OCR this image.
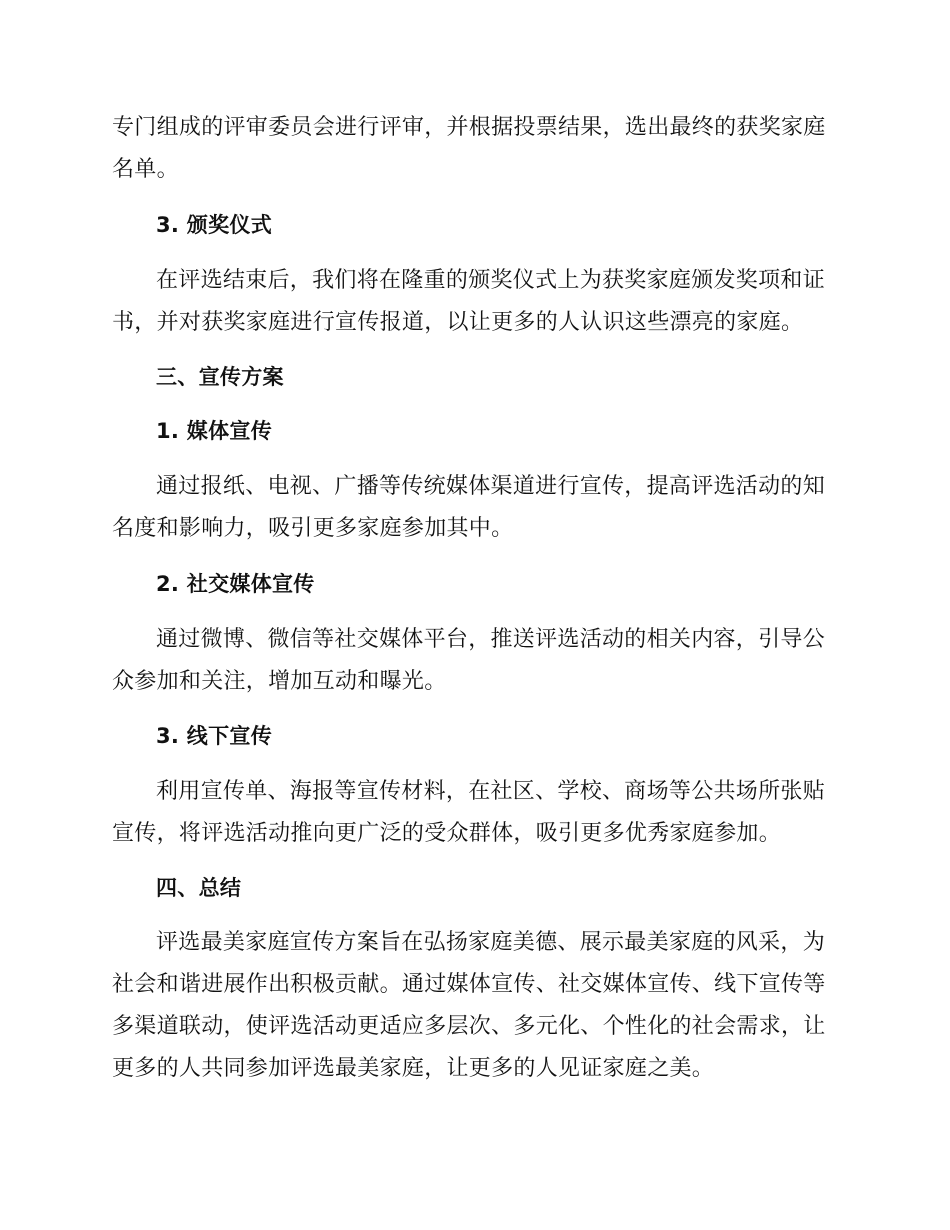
专门组成的评审委员会进行评审，并根据投票结果，选出最终的获奖家庭名单。

3. 颁奖仪式

在评选结束后，我们将在隆重的颁奖仪式上为获奖家庭颁发奖项和证书，并对获奖家庭进行宣传报道，以让更多的人认识这些漂亮的家庭。

三、宣传方案
1. 媒体宣传

通过报纸、电视、广播等传统媒体渠道进行宣传，提高评选活动的知名度和影响力，吸引更多家庭参加其中。

2. 社交媒体宣传

通过微博、微信等社交媒体平台，推送评选活动的相关内容，引导公众参加和关注，增加互动和曝光。

3. 线下宣传

利用宣传单、海报等宣传材料，在社区、学校、商场等公共场所张贴宣传，将评选活动推向更广泛的受众群体，吸引更多优秀家庭参加。

四、总结

评选最美家庭宣传方案旨在弘扬家庭美德、展示最美家庭的风采，为社会和谐进展作出积极贡献。通过媒体宣传、社交媒体宣传、线下宣传等多渠道联动，使评选活动更适应多层次、多元化、个性化的社会需求，让更多的人共同参加评选最美家庭，让更多的人见证家庭之美。
